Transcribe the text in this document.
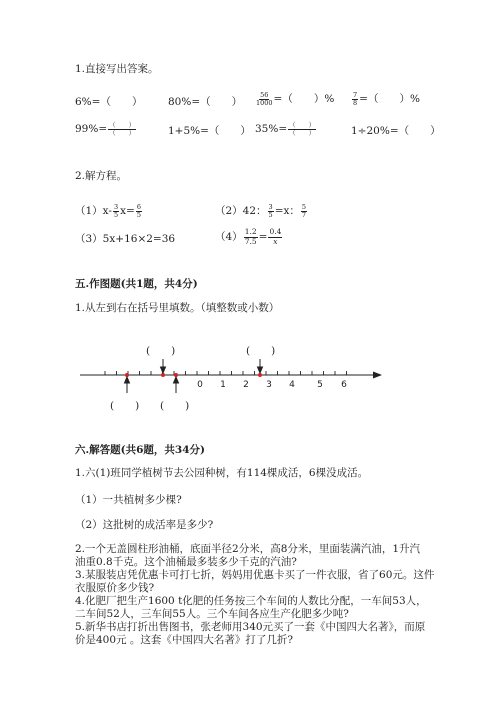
1.直接写出答案。
6%=（　　） 80%=（　　） $\frac{56}{1000}$ =（　　）%	$\frac{7}{8}$ =（　　）%
$99\%= \frac{( )}{( )}$	1+5%=（　　） $35\%= \frac{( )}{( )}$	1÷20%=（　　）
2.解方程。
$(1)x- \frac{3}{5} x= \frac{6}{5}$	（2）42： $\frac{3}{5} =x$： $\frac{5}{7}$
（3）5x+16×2=36	$(4) \frac{1.2}{7.5} = \frac{0.4}{x}$
五.作图题(共1题，共4分)
1.从左到右在括号里填数。（填整数或小数）
(　　)	(　　)
(　　) (　　)
0 1 2 3 4 5 6
六.解答题(共6题，共34分)
1.六(1)班同学植树节去公园种树，有114棵成活，6棵没成活。
（1）一共植树多少棵?
（2）这批树的成活率是多少?
2.一个无盖圆柱形油桶，底面半径2分米，高8分米，里面装满汽油，1升汽
油重0.8千克。这个油桶最多装多少千克的汽油?
3.某服装店凭优惠卡可打七折，妈妈用优惠卡买了一件衣服，省了60元。这件
衣服原价多少钱?
4.化肥厂把生产1600 t化肥的任务按三个车间的人数比分配，一车间53人，
二车间52人，三车间55人。三个车间各应生产化肥多少吨?
5.新华书店打折出售图书，张老师用340元买了一套《中国四大名著》，而原
价是400元 。这套《中国四大名著》打了几折?
